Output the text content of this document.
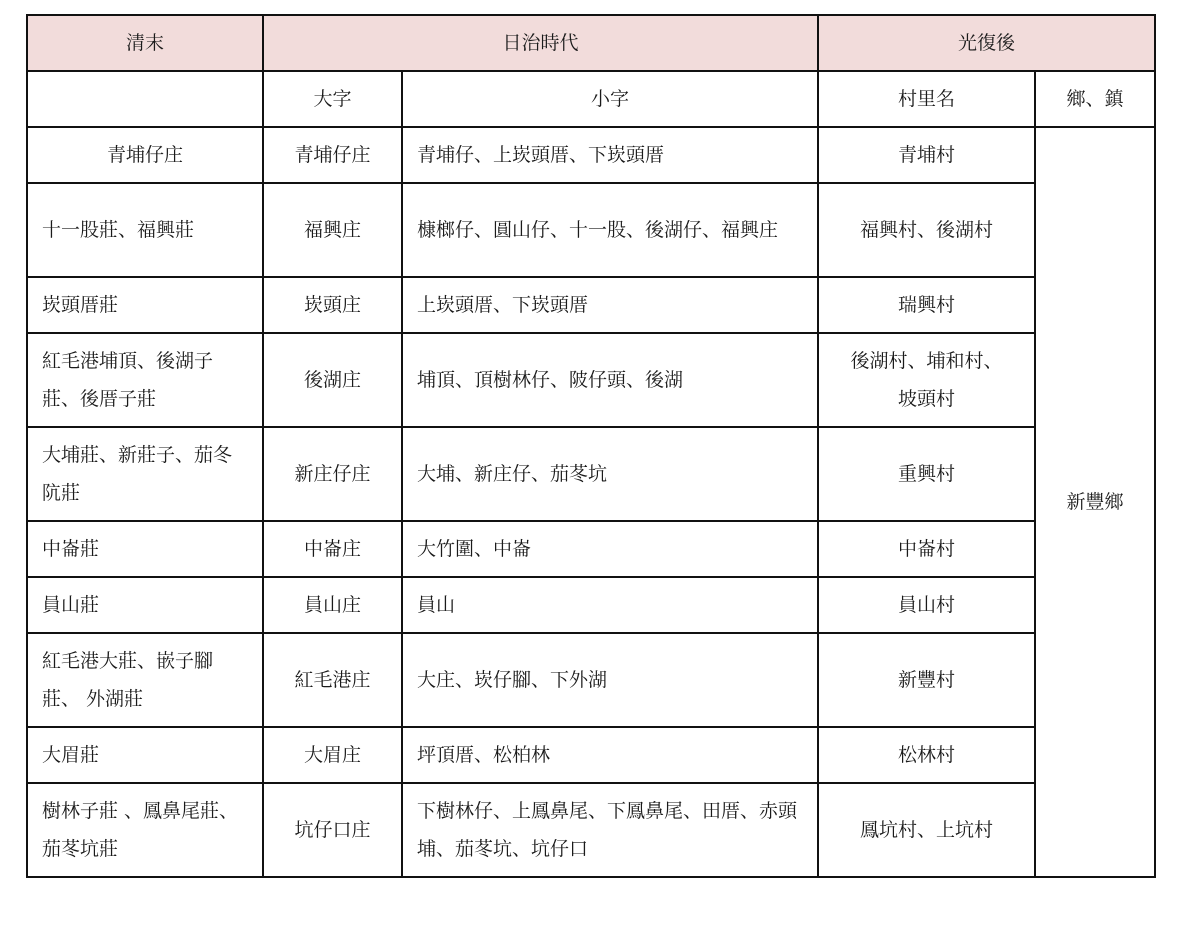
清末	日治時代		光復後	
	大字	小字	村里名	鄉、鎮
青埔仔庄	青埔仔庄	青埔仔、上崁頭厝、下崁頭厝	青埔村	新豐鄉
十一股莊、福興莊	福興庄	槺榔仔、圓山仔、十一股、後湖仔、福興庄	福興村、後湖村	
崁頭厝莊	崁頭庄	上崁頭厝、下崁頭厝	瑞興村	
紅毛港埔頂、後湖子莊、後厝子莊	後湖庄	埔頂、頂樹林仔、陂仔頭、後湖	後湖村、埔和村、坡頭村	
大埔莊、新莊子、茄冬阬莊	新庄仔庄	大埔、新庄仔、茄苳坑	重興村	
中崙莊	中崙庄	大竹圍、中崙	中崙村	
員山莊	員山庄	員山	員山村	
紅毛港大莊、嵌子腳莊、 外湖莊	紅毛港庄	大庄、崁仔腳、下外湖	新豐村	
大眉莊	大眉庄	坪頂厝、松柏林	松林村	
樹林子莊 、鳳鼻尾莊、茄苳坑莊	坑仔口庄	下樹林仔、上鳳鼻尾、下鳳鼻尾、田厝、赤頭埔、茄苳坑、坑仔口	鳳坑村、上坑村	
